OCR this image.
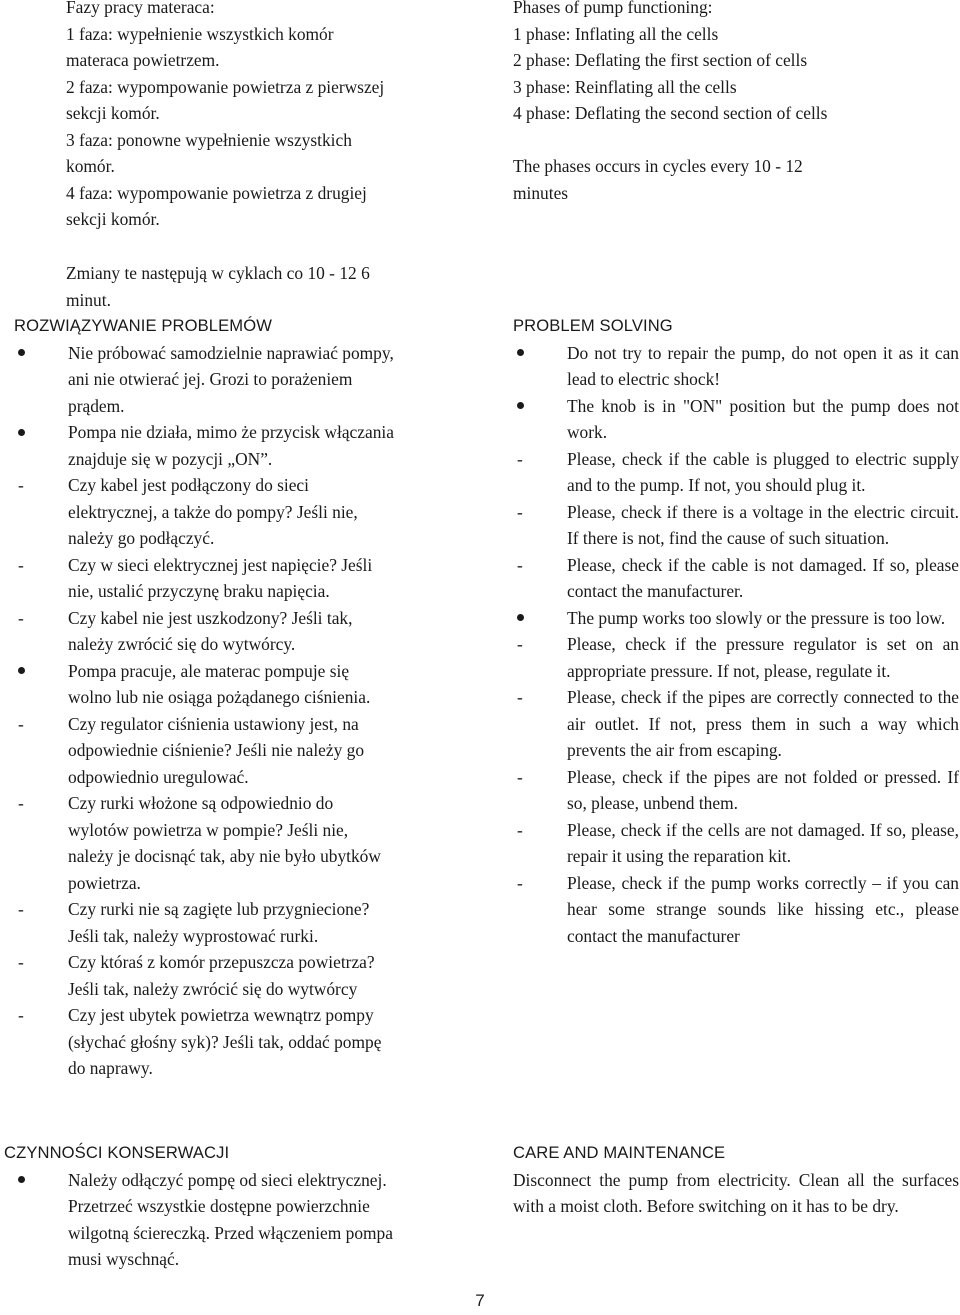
Fazy pracy materaca:
1 faza: wypełnienie wszystkich komór
materaca powietrzem.
2 faza: wypompowanie powietrza z pierwszej
sekcji komór.
3 faza: ponowne wypełnienie wszystkich
komór.
4 faza: wypompowanie powietrza z drugiej
sekcji komór.

Phases of pump functioning:
1 phase: Inflating all the cells
2 phase: Deflating the first section of cells
3 phase: Reinflating all the cells
4 phase: Deflating the second section of cells

The phases occurs in cycles every 10 - 12
minutes

Zmiany te następują w cyklach co 10 - 12 6
minut.

ROZWIĄZYWANIE PROBLEMÓW

Nie próbować samodzielnie naprawiać pompy,
ani nie otwierać jej. Grozi to porażeniem
prądem.
Pompa nie działa, mimo że przycisk włączania
znajduje się w pozycji „ON”.
-	Czy kabel jest podłączony do sieci
elektrycznej, a także do pompy? Jeśli nie,
należy go podłączyć.
-	Czy w sieci elektrycznej jest napięcie? Jeśli
nie, ustalić przyczynę braku napięcia.
-	Czy kabel nie jest uszkodzony? Jeśli tak,
należy zwrócić się do wytwórcy.
Pompa pracuje, ale materac pompuje się
wolno lub nie osiąga pożądanego ciśnienia.
-	Czy regulator ciśnienia ustawiony jest, na
odpowiednie ciśnienie? Jeśli nie należy go
odpowiednio uregulować.
-	Czy rurki włożone są odpowiednio do
wylotów powietrza w pompie? Jeśli nie,
należy je docisnąć tak, aby nie było ubytków
powietrza.
-	Czy rurki nie są zagięte lub przygniecione?
Jeśli tak, należy wyprostować rurki.
-	Czy któraś z komór przepuszcza powietrza?
Jeśli tak, należy zwrócić się do wytwórcy
-	Czy jest ubytek powietrza wewnątrz pompy
(słychać głośny syk)? Jeśli tak, oddać pompę
do naprawy.

PROBLEM SOLVING

Do not try to repair the pump, do not open it as it can lead to electric shock!
The knob is in "ON" position but the pump does not work.
-	Please, check if the cable is plugged to electric supply and to the pump. If not, you should plug it.
-	Please, check if there is a voltage in the electric circuit. If there is not, find the cause of such situation.
-	Please, check if the cable is not damaged. If so, please contact the manufacturer.
The pump works too slowly or the pressure is too low.
-	Please, check if the pressure regulator is set on an appropriate pressure. If not, please, regulate it.
-	Please, check if the pipes are correctly connected to the air outlet. If not, press them in such a way which prevents the air from escaping.
-	Please, check if the pipes are not folded or pressed. If so, please, unbend them.
-	Please, check if the cells are not damaged. If so, please, repair it using the reparation kit.
-	Please, check if the pump works correctly – if you can hear some strange sounds like hissing etc., please contact the manufacturer

CZYNNOŚCI KONSERWACJI

Należy odłączyć pompę od sieci elektrycznej.
Przetrzeć wszystkie dostępne powierzchnie
wilgotną ściereczką. Przed włączeniem pompa
musi wyschnąć.

CARE AND MAINTENANCE

Disconnect the pump from electricity. Clean all the surfaces with a moist cloth. Before switching on it has to be dry.

7
